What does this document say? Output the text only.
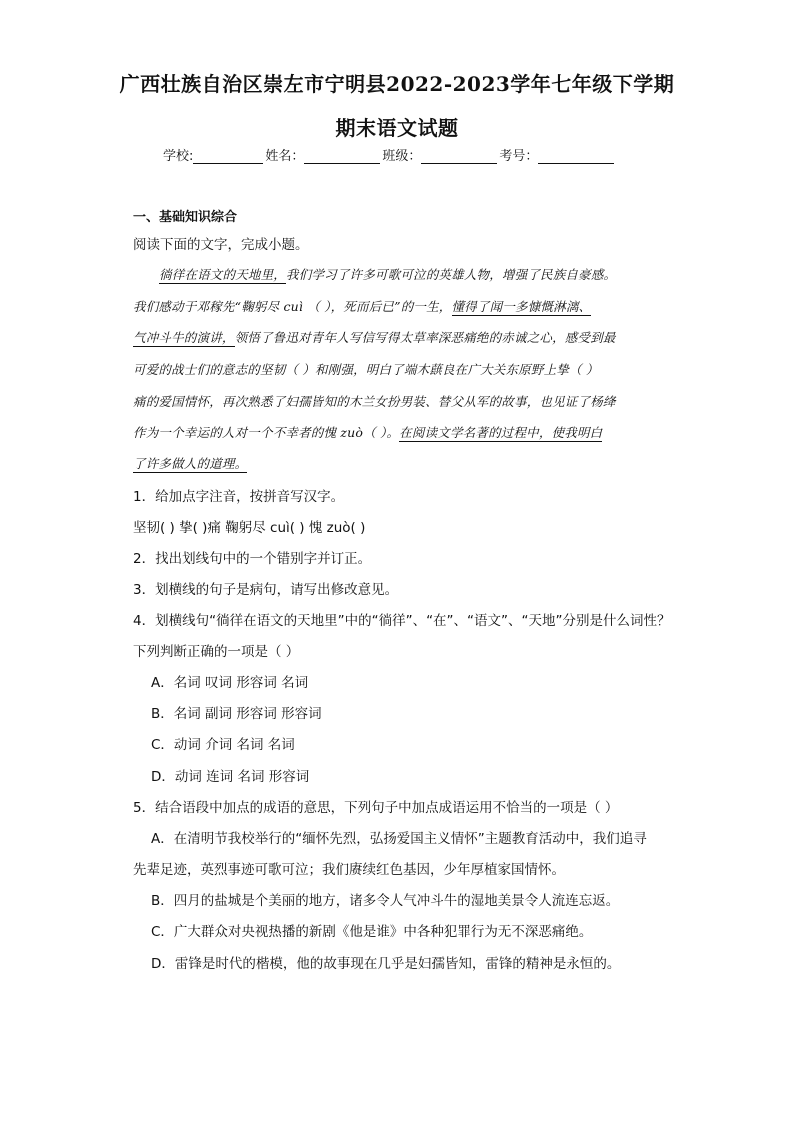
广西壮族自治区崇左市宁明县2022-2023学年七年级下学期
期末语文试题
学校:	姓名：	班级：	考号：
一、基础知识综合
阅读下面的文字，完成小题。
徜徉在语文的天地里，我们学习了许多可歌可泣的英雄人物，增强了民族自豪感。
我们感动于邓稼先“鞠躬尽 cuì （ ），死而后已”的一生，懂得了闻一多慷慨淋漓、
气冲斗牛的演讲，领悟了鲁迅对青年人写信写得太草率深恶痛绝的赤诚之心，感受到最
可爱的战士们的意志的坚韧（ ）和刚强，明白了端木蕻良在广大关东原野上挚（ ）
痛的爱国情怀，再次熟悉了妇孺皆知的木兰女扮男装、替父从军的故事，也见证了杨绛
作为一个幸运的人对一个不幸者的愧 zuò（ ）。在阅读文学名著的过程中，使我明白
了许多做人的道理。
1．给加点字注音，按拼音写汉字。
坚韧( ) 挚( )痛 鞠躬尽 cuì( ) 愧 zuò( )
2．找出划线句中的一个错别字并订正。
3．划横线的句子是病句，请写出修改意见。
4．划横线句“徜徉在语文的天地里”中的“徜徉”、“在”、“语文”、“天地”分别是什么词性？
下列判断正确的一项是（ ）
A．名词 叹词 形容词 名词
B．名词 副词 形容词 形容词
C．动词 介词 名词 名词
D．动词 连词 名词 形容词
5．结合语段中加点的成语的意思，下列句子中加点成语运用不恰当的一项是（ ）
A．在清明节我校举行的“缅怀先烈，弘扬爱国主义情怀”主题教育活动中，我们追寻
先辈足迹，英烈事迹可歌可泣；我们赓续红色基因，少年厚植家国情怀。
B．四月的盐城是个美丽的地方，诸多令人气冲斗牛的湿地美景令人流连忘返。
C．广大群众对央视热播的新剧《他是谁》中各种犯罪行为无不深恶痛绝。
D．雷锋是时代的楷模，他的故事现在几乎是妇孺皆知，雷锋的精神是永恒的。
